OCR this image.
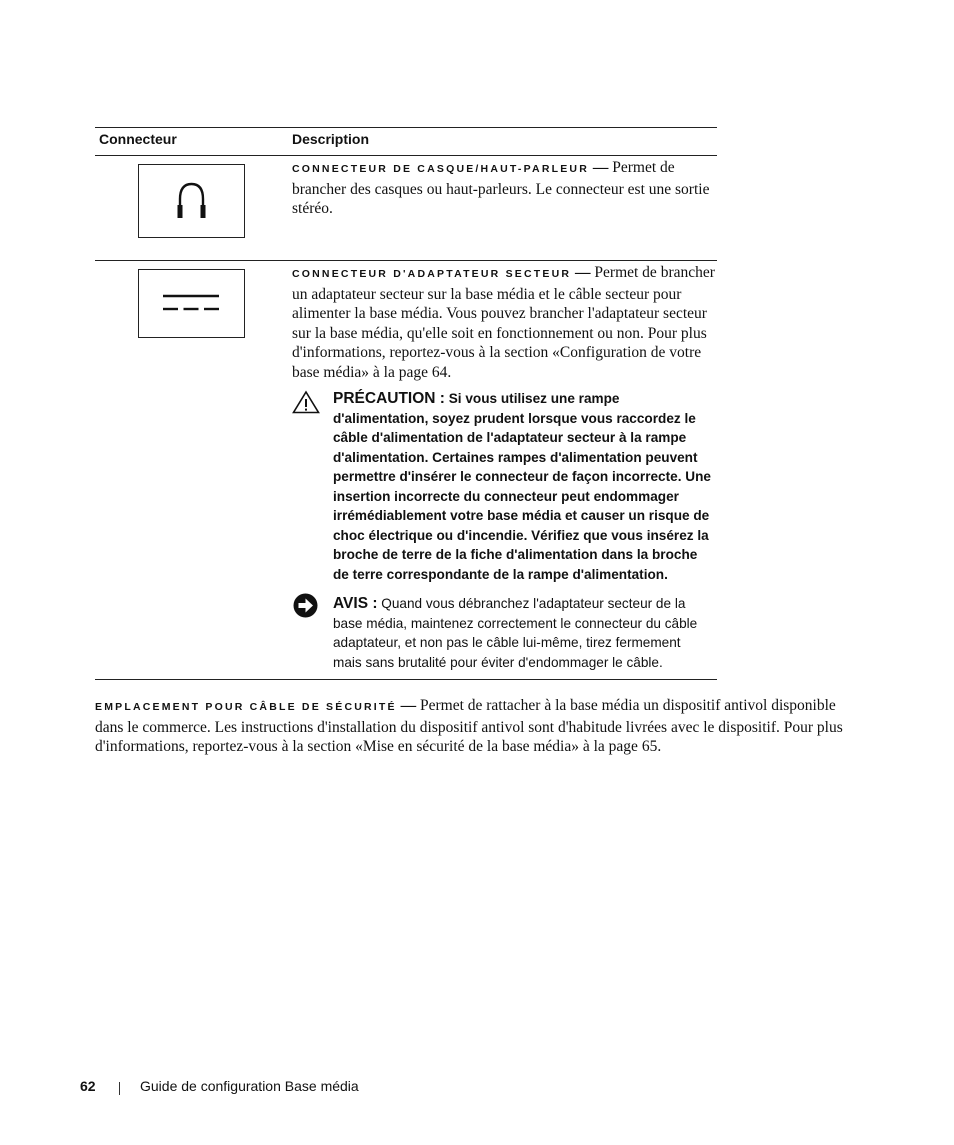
Connecteur	Description
CONNECTEUR DE CASQUE/HAUT-PARLEUR — Permet de brancher des casques ou haut-parleurs. Le connecteur est une sortie stéréo.
CONNECTEUR D'ADAPTATEUR SECTEUR — Permet de brancher un adaptateur secteur sur la base média et le câble secteur pour alimenter la base média. Vous pouvez brancher l'adaptateur secteur sur la base média, qu'elle soit en fonctionnement ou non. Pour plus d'informations, reportez-vous à la section «Configuration de votre base média» à la page 64.
PRÉCAUTION : Si vous utilisez une rampe d'alimentation, soyez prudent lorsque vous raccordez le câble d'alimentation de l'adaptateur secteur à la rampe d'alimentation. Certaines rampes d'alimentation peuvent permettre d'insérer le connecteur de façon incorrecte. Une insertion incorrecte du connecteur peut endommager irrémédiablement votre base média et causer un risque de choc électrique ou d'incendie. Vérifiez que vous insérez la broche de terre de la fiche d'alimentation dans la broche de terre correspondante de la rampe d'alimentation.
AVIS : Quand vous débranchez l'adaptateur secteur de la base média, maintenez correctement le connecteur du câble adaptateur, et non pas le câble lui-même, tirez fermement mais sans brutalité pour éviter d'endommager le câble.
EMPLACEMENT POUR CÂBLE DE SÉCURITÉ — Permet de rattacher à la base média un dispositif antivol disponible dans le commerce. Les instructions d'installation du dispositif antivol sont d'habitude livrées avec le dispositif. Pour plus d'informations, reportez-vous à la section «Mise en sécurité de la base média» à la page 65.
62	Guide de configuration Base média
